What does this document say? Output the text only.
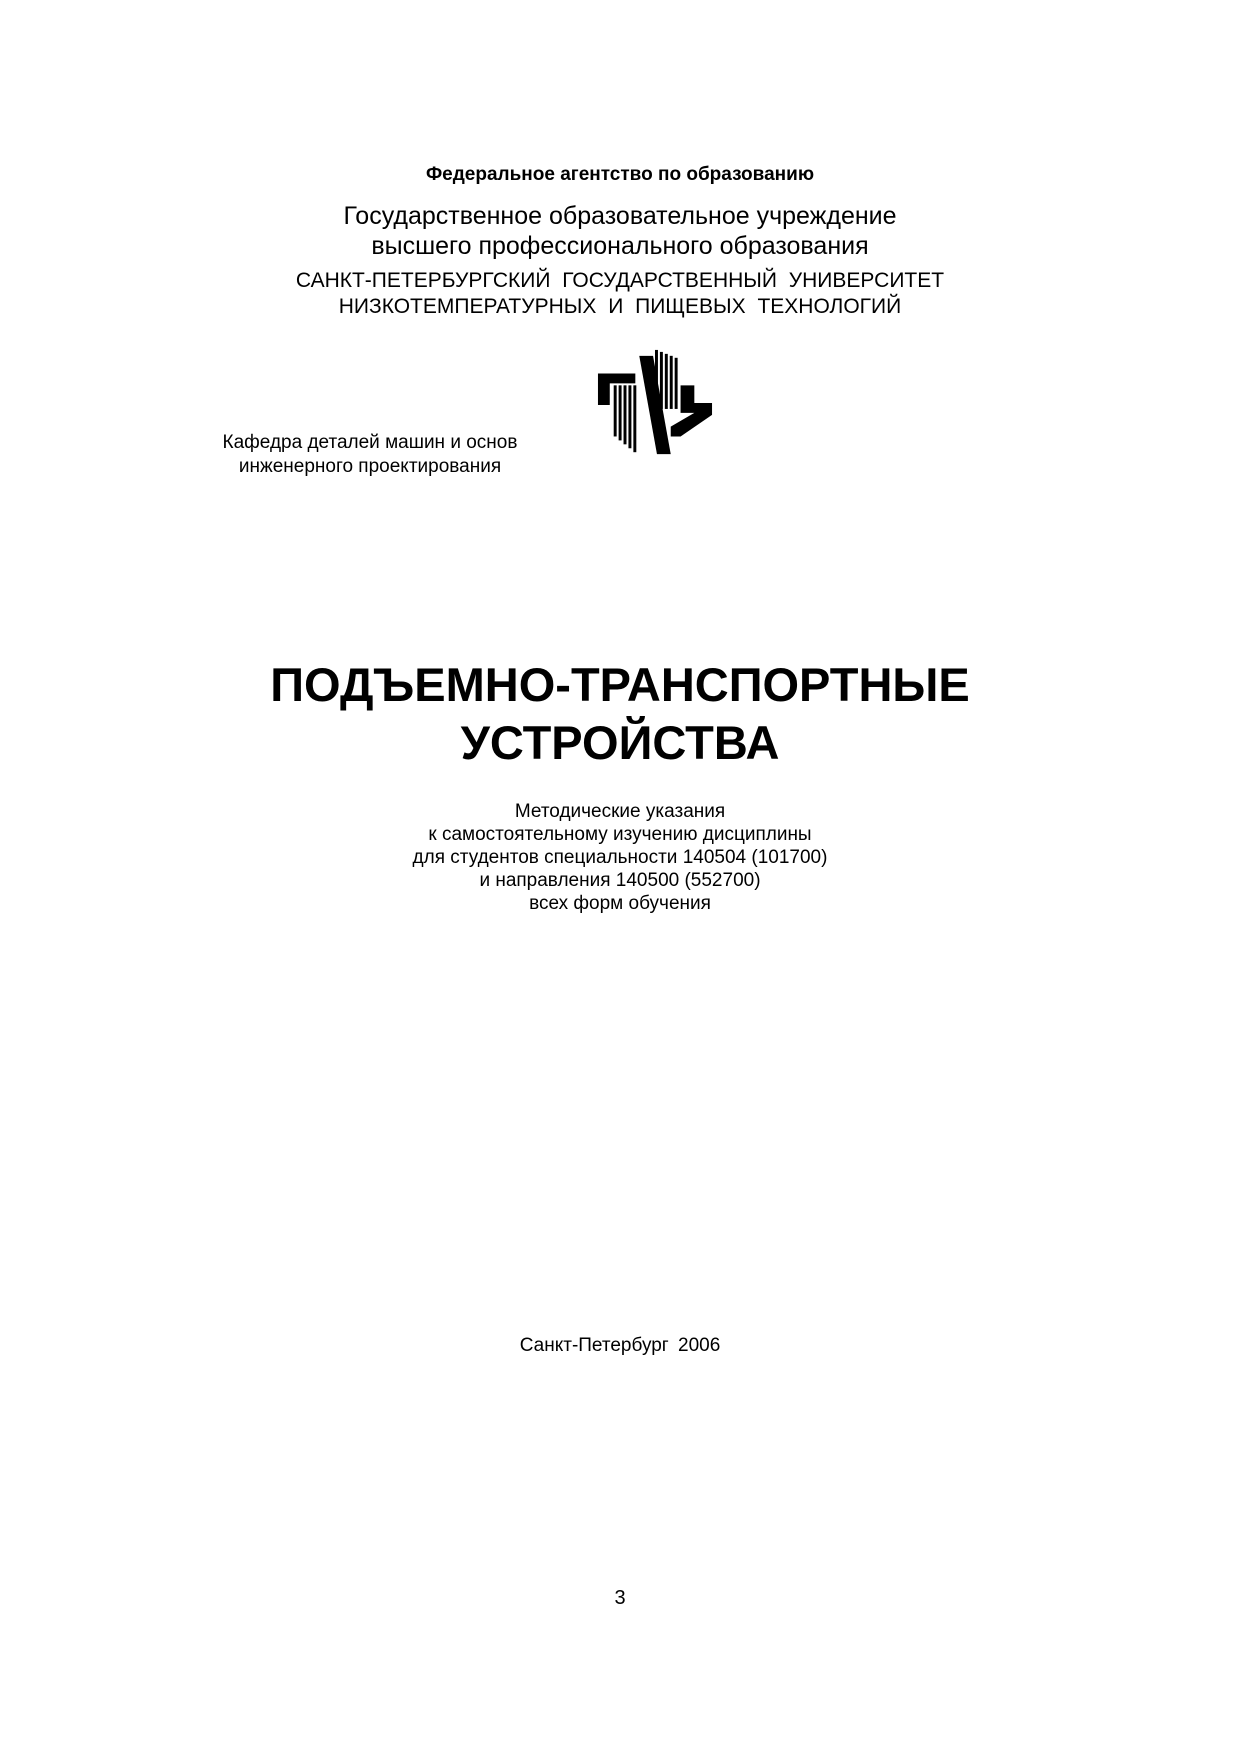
Федеральное агентство по образованию
Государственное образовательное учреждение
высшего профессионального образования
САНКТ-ПЕТЕРБУРГСКИЙ ГОСУДАРСТВЕННЫЙ УНИВЕРСИТЕТ
НИЗКОТЕМПЕРАТУРНЫХ И ПИЩЕВЫХ ТЕХНОЛОГИЙ
Кафедра деталей машин и основ
инженерного проектирования
ПОДЪЕМНО-ТРАНСПОРТНЫЕ
УСТРОЙСТВА
Методические указания
к самостоятельному изучению дисциплины
для студентов специальности 140504 (101700)
и направления 140500 (552700)
всех форм обучения
Санкт-Петербург 2006
3
